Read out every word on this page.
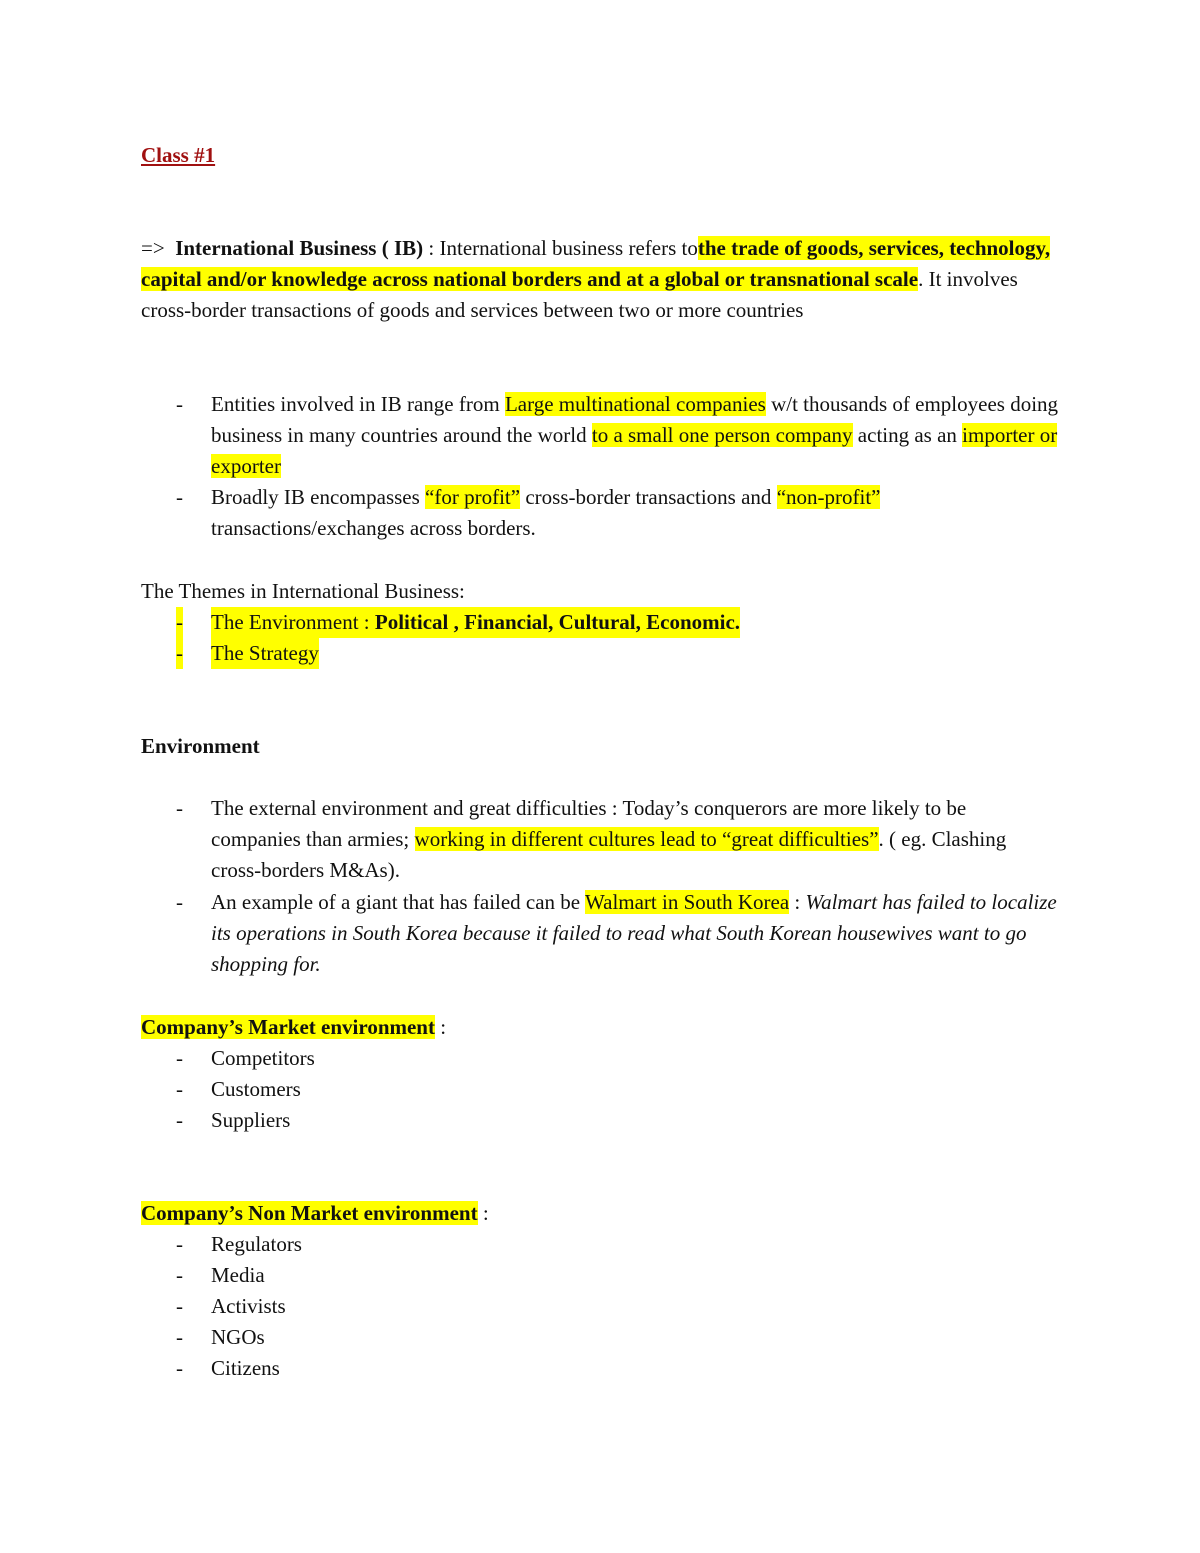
Class #1

=> International Business ( IB) : International business refers tothe trade of goods, services, technology, capital and/or knowledge across national borders and at a global or transnational scale. It involves cross-border transactions of goods and services between two or more countries

- Entities involved in IB range from Large multinational companies w/t thousands of employees doing business in many countries around the world to a small one person company acting as an importer or exporter
- Broadly IB encompasses “for profit” cross-border transactions and “non-profit” transactions/exchanges across borders.

The Themes in International Business:

- The Environment : Political , Financial, Cultural, Economic.
- The Strategy

Environment

- The external environment and great difficulties : Today’s conquerors are more likely to be companies than armies; working in different cultures lead to “great difficulties”. ( eg. Clashing cross-borders M&As).
- An example of a giant that has failed can be Walmart in South Korea : Walmart has failed to localize its operations in South Korea because it failed to read what South Korean housewives want to go shopping for.

Company’s Market environment :

- Competitors
- Customers
- Suppliers

Company’s Non Market environment :

- Regulators
- Media
- Activists
- NGOs
- Citizens
